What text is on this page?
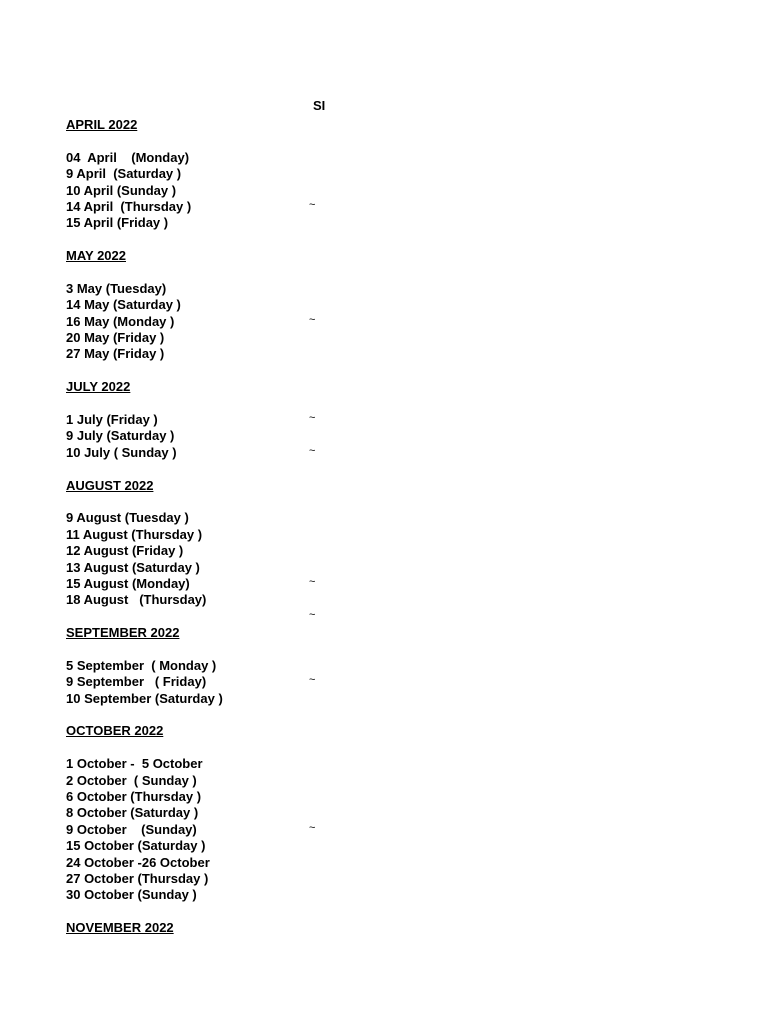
SI
APRIL 2022
04  April    (Monday)
9 April  (Saturday )
10 April (Sunday )
14 April  (Thursday )	~
15 April (Friday )
MAY 2022
3 May (Tuesday)
14 May (Saturday )
16 May (Monday )	~
20 May (Friday )
27 May (Friday )
JULY 2022
1 July (Friday )	~
9 July (Saturday )
10 July ( Sunday )	~
AUGUST 2022
9 August (Tuesday )
11 August (Thursday )
12 August (Friday )
13 August (Saturday )
15 August (Monday)	~
18 August   (Thursday)
~
SEPTEMBER 2022
5 September  ( Monday )
9 September   ( Friday)	~
10 September (Saturday )
OCTOBER 2022
1 October -  5 October
2 October  ( Sunday )
6 October (Thursday )
8 October (Saturday )
9 October    (Sunday)	~
15 October (Saturday )
24 October -26 October
27 October (Thursday )
30 October (Sunday )
NOVEMBER 2022
